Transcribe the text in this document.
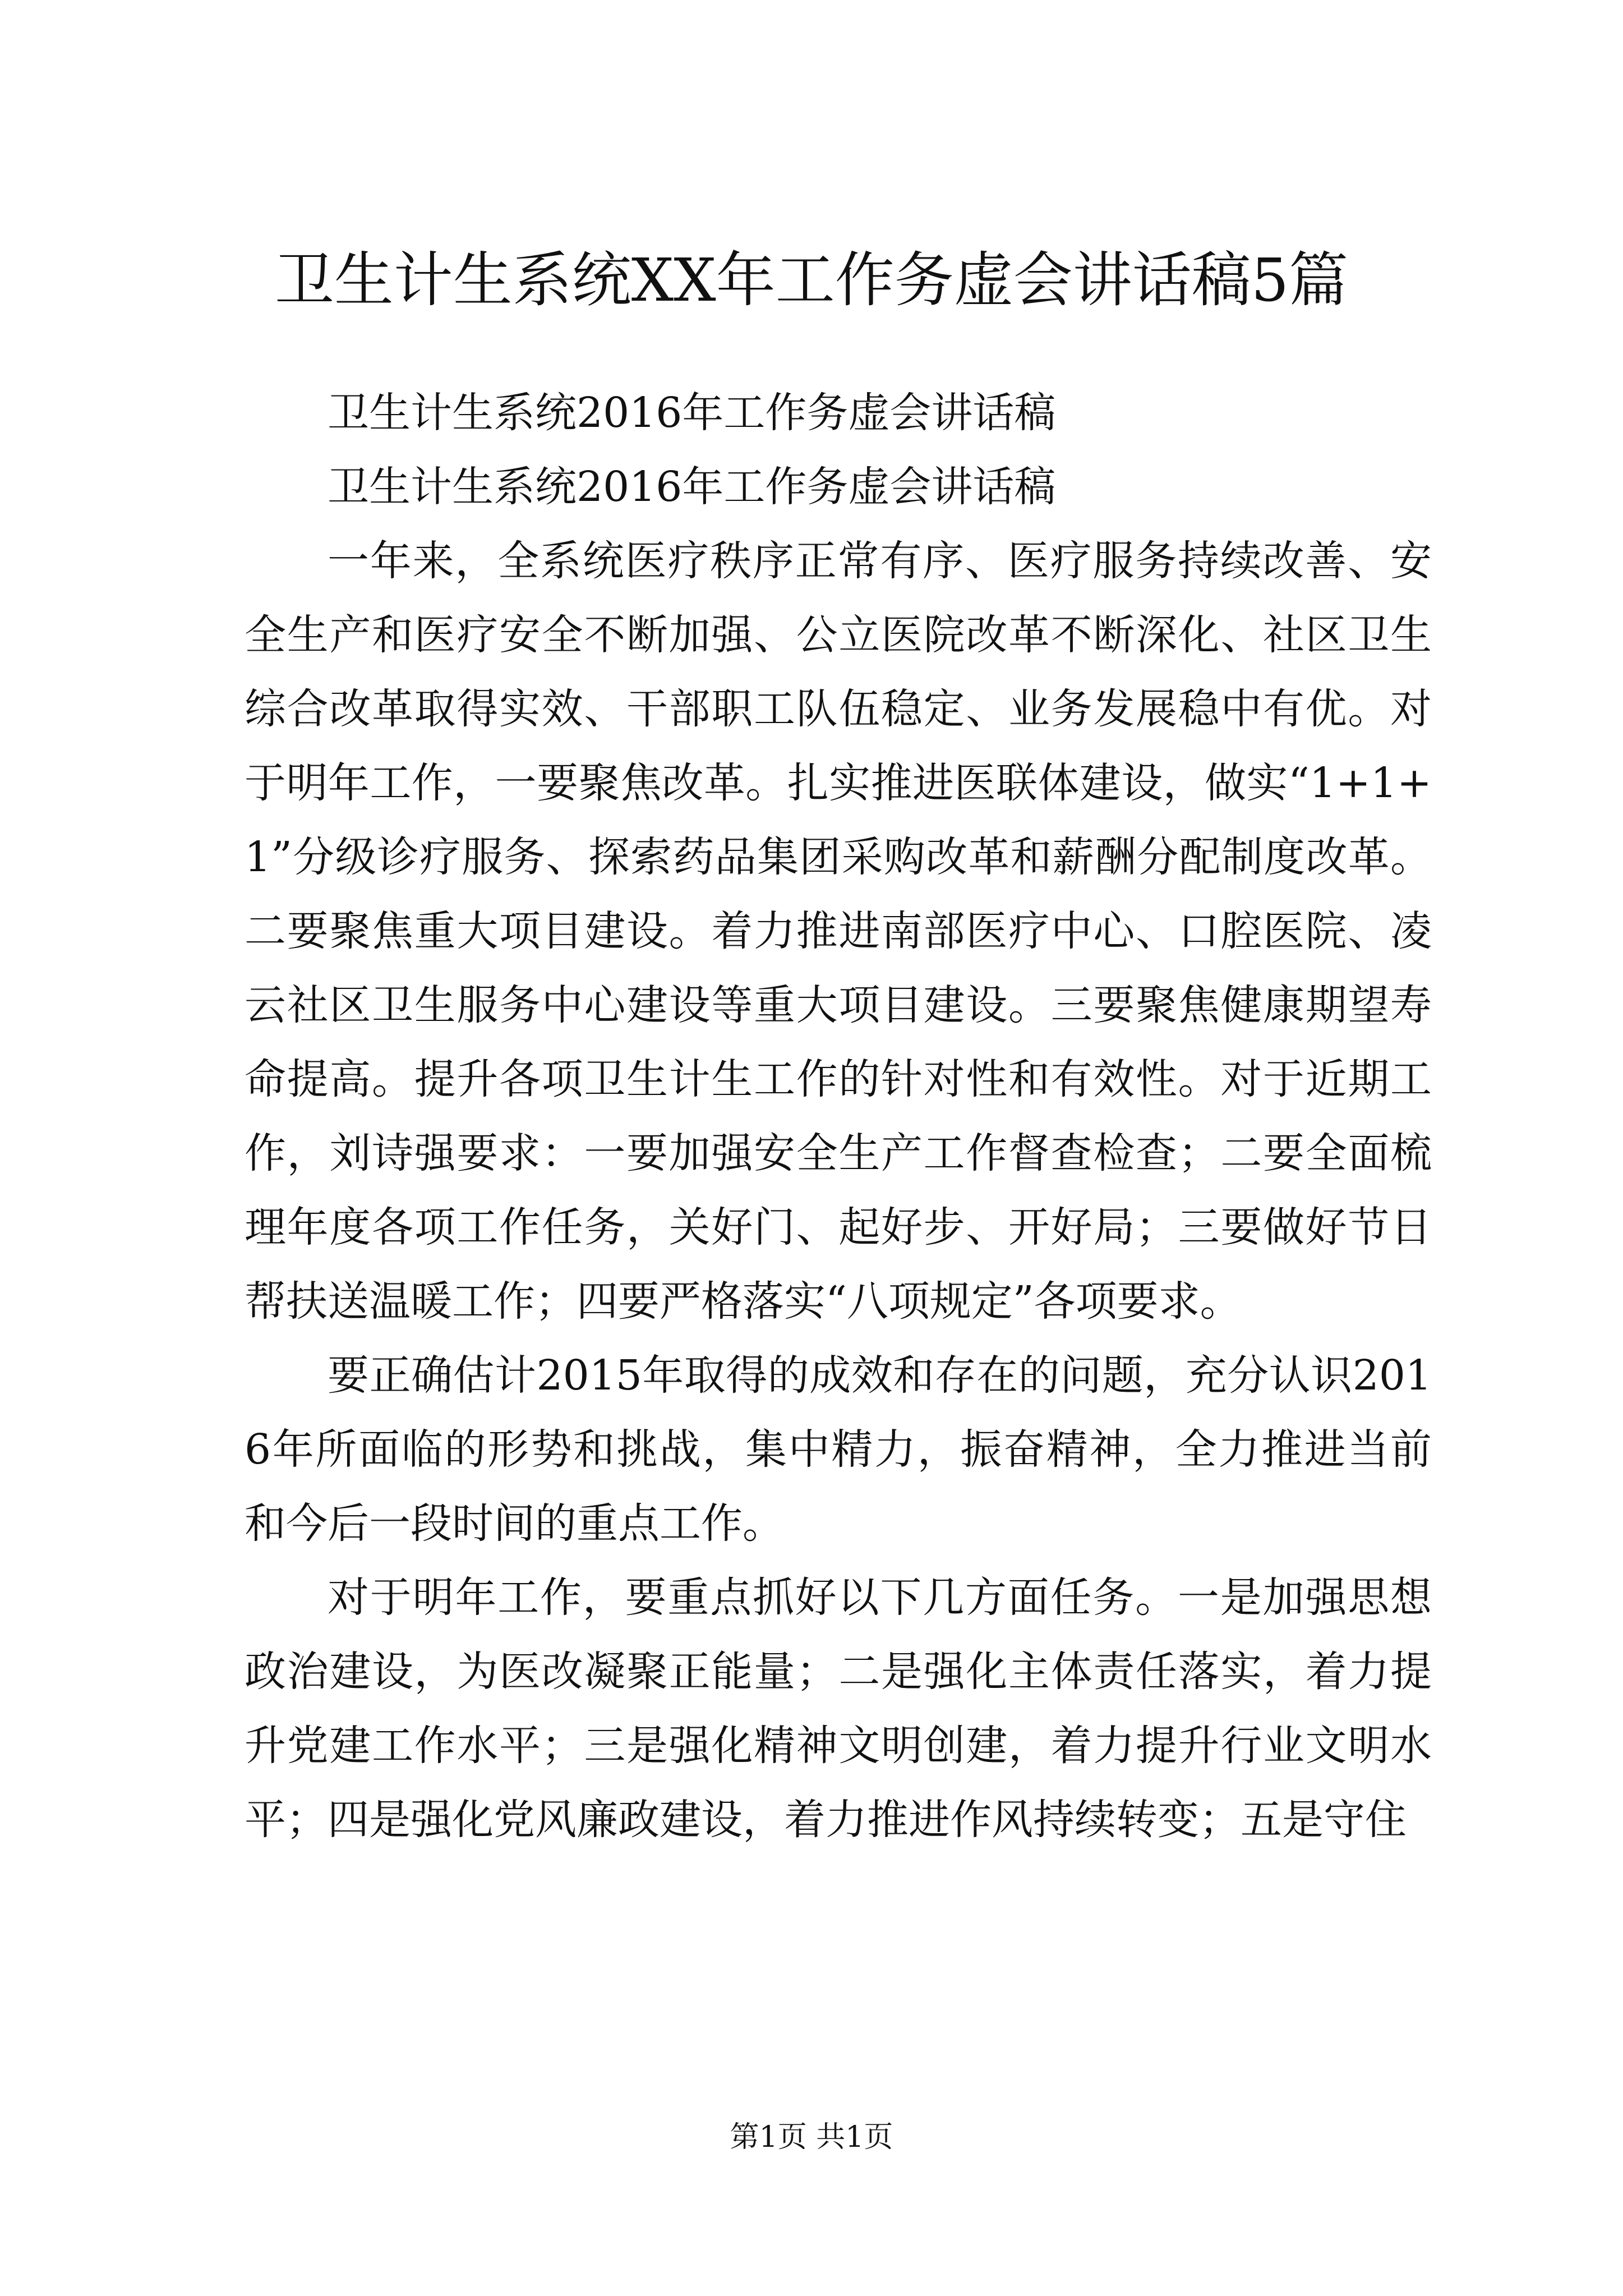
卫生计生系统XX年工作务虚会讲话稿5篇

卫生计生系统2016年工作务虚会讲话稿

卫生计生系统2016年工作务虚会讲话稿

一年来，全系统医疗秩序正常有序、医疗服务持续改善、安全生产和医疗安全不断加强、公立医院改革不断深化、社区卫生综合改革取得实效、干部职工队伍稳定、业务发展稳中有优。对于明年工作，一要聚焦改革。扎实推进医联体建设，做实“1+1+1”分级诊疗服务、探索药品集团采购改革和薪酬分配制度改革。二要聚焦重大项目建设。着力推进南部医疗中心、口腔医院、凌云社区卫生服务中心建设等重大项目建设。三要聚焦健康期望寿命提高。提升各项卫生计生工作的针对性和有效性。对于近期工作，刘诗强要求：一要加强安全生产工作督查检查；二要全面梳理年度各项工作任务，关好门、起好步、开好局；三要做好节日帮扶送温暖工作；四要严格落实“八项规定”各项要求。

要正确估计2015年取得的成效和存在的问题，充分认识2016年所面临的形势和挑战，集中精力，振奋精神，全力推进当前和今后一段时间的重点工作。

对于明年工作，要重点抓好以下几方面任务。一是加强思想政治建设，为医改凝聚正能量；二是强化主体责任落实，着力提升党建工作水平；三是强化精神文明创建，着力提升行业文明水平；四是强化党风廉政建设，着力推进作风持续转变；五是守住

第1页 共1页
